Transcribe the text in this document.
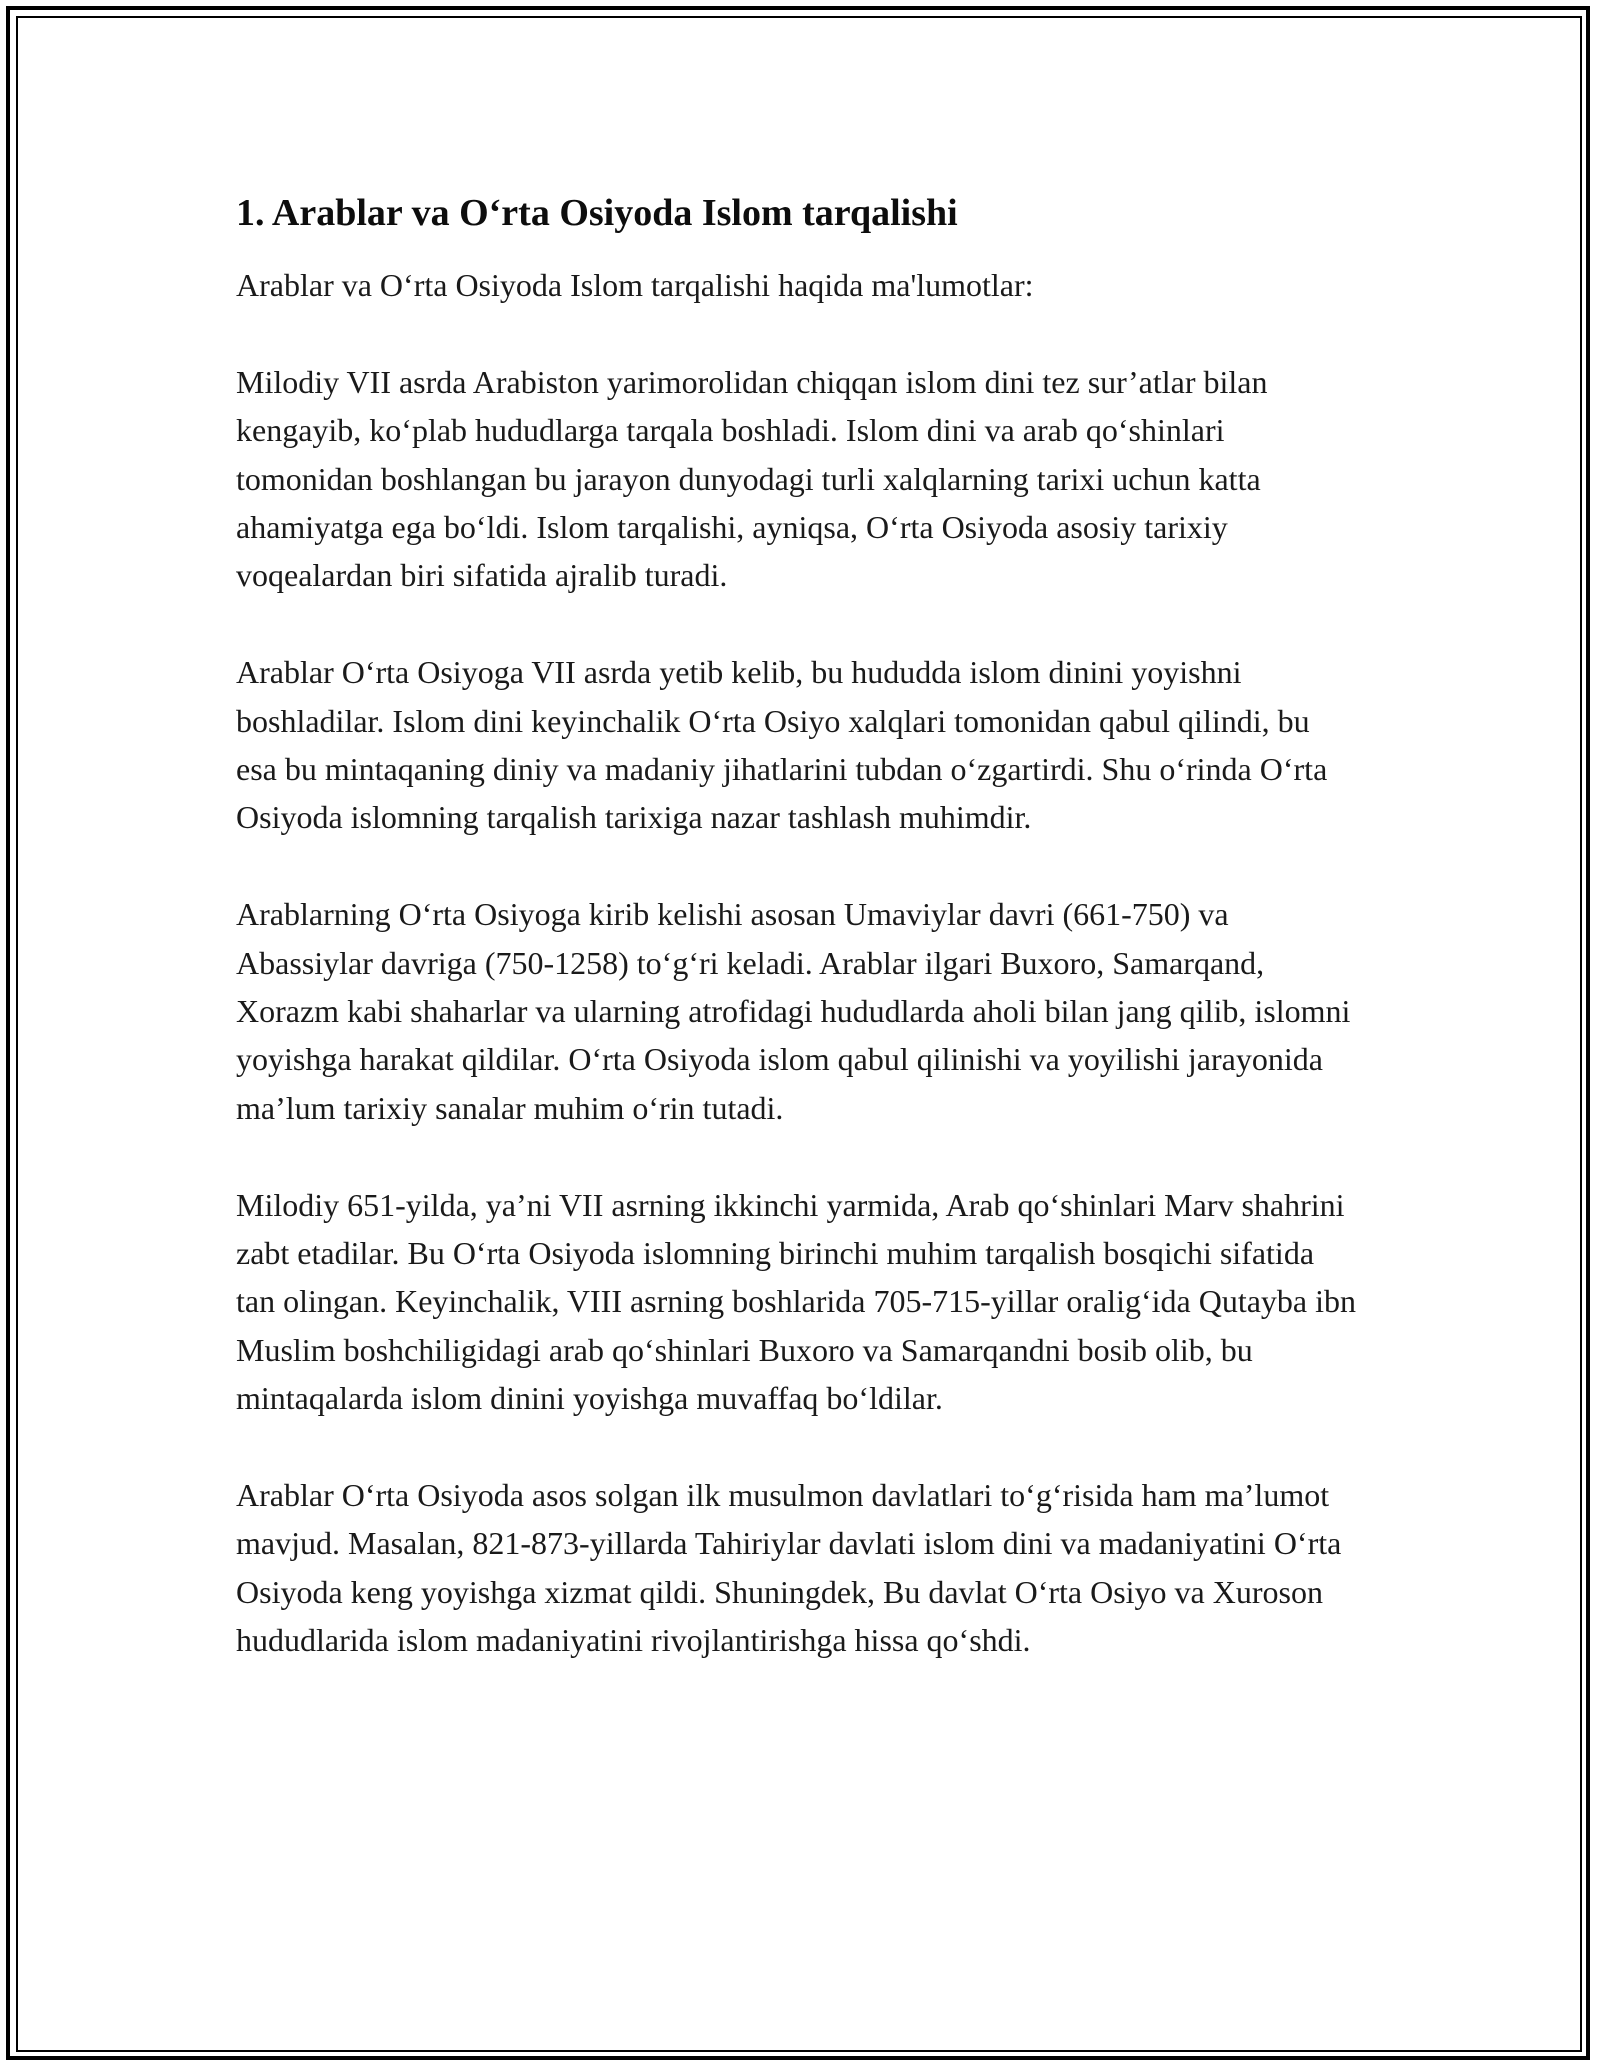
1. Arablar va O‘rta Osiyoda Islom tarqalishi

Arablar va O‘rta Osiyoda Islom tarqalishi haqida ma'lumotlar:

Milodiy VII asrda Arabiston yarimorolidan chiqqan islom dini tez sur’atlar bilan kengayib, ko‘plab hududlarga tarqala boshladi. Islom dini va arab qo‘shinlari tomonidan boshlangan bu jarayon dunyodagi turli xalqlarning tarixi uchun katta ahamiyatga ega bo‘ldi. Islom tarqalishi, ayniqsa, O‘rta Osiyoda asosiy tarixiy voqealardan biri sifatida ajralib turadi.

Arablar O‘rta Osiyoga VII asrda yetib kelib, bu hududda islom dinini yoyishni boshladilar. Islom dini keyinchalik O‘rta Osiyo xalqlari tomonidan qabul qilindi, bu esa bu mintaqaning diniy va madaniy jihatlarini tubdan o‘zgartirdi. Shu o‘rinda O‘rta Osiyoda islomning tarqalish tarixiga nazar tashlash muhimdir.

Arablarning O‘rta Osiyoga kirib kelishi asosan Umaviylar davri (661-750) va Abassiylar davriga (750-1258) to‘g‘ri keladi. Arablar ilgari Buxoro, Samarqand, Xorazm kabi shaharlar va ularning atrofidagi hududlarda aholi bilan jang qilib, islomni yoyishga harakat qildilar. O‘rta Osiyoda islom qabul qilinishi va yoyilishi jarayonida ma’lum tarixiy sanalar muhim o‘rin tutadi.

Milodiy 651-yilda, ya’ni VII asrning ikkinchi yarmida, Arab qo‘shinlari Marv shahrini zabt etadilar. Bu O‘rta Osiyoda islomning birinchi muhim tarqalish bosqichi sifatida tan olingan. Keyinchalik, VIII asrning boshlarida 705-715-yillar oralig‘ida Qutayba ibn Muslim boshchiligidagi arab qo‘shinlari Buxoro va Samarqandni bosib olib, bu mintaqalarda islom dinini yoyishga muvaffaq bo‘ldilar.

Arablar O‘rta Osiyoda asos solgan ilk musulmon davlatlari to‘g‘risida ham ma’lumot mavjud. Masalan, 821-873-yillarda Tahiriylar davlati islom dini va madaniyatini O‘rta Osiyoda keng yoyishga xizmat qildi. Shuningdek, Bu davlat O‘rta Osiyo va Xuroson hududlarida islom madaniyatini rivojlantirishga hissa qo‘shdi.
